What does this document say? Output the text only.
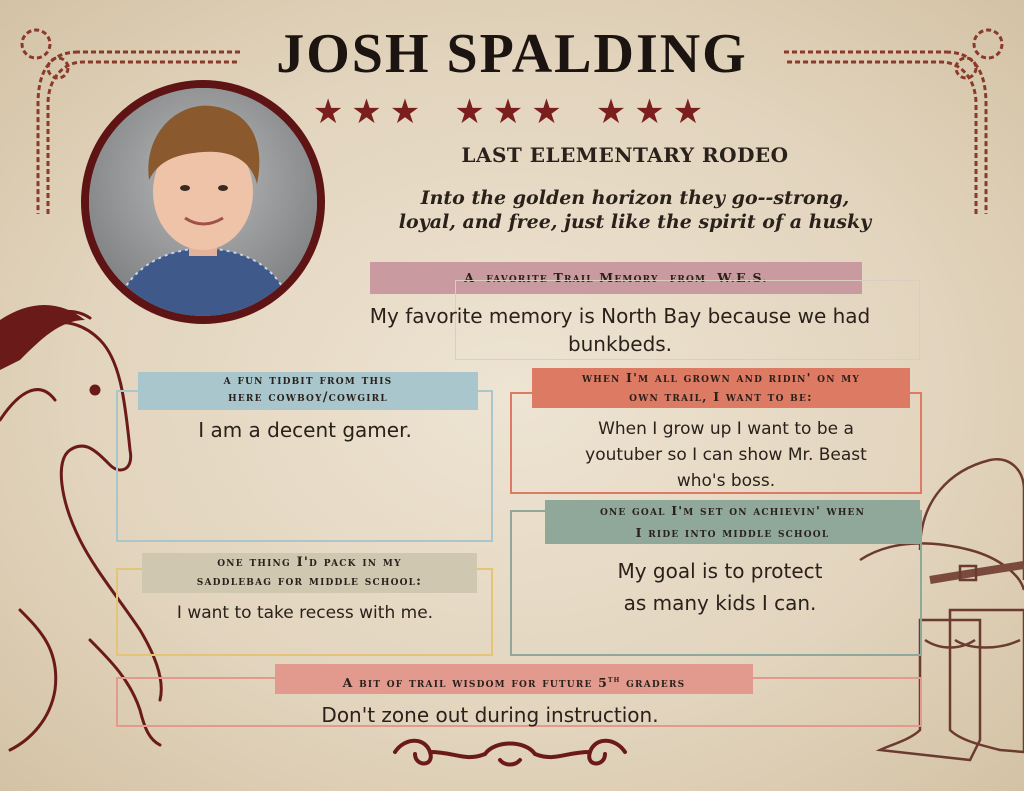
JOSH SPALDING
★★★ ★★★ ★★★
LAST ELEMENTARY RODEO
Into the golden horizon they go--strong,
loyal, and free, just like the spirit of a husky
A favorite Trail Memory from W.E.S.
My favorite memory is North Bay because we had bunkbeds.
a fun tidbit from this
here cowboy/cowgirl
I am a decent gamer.
when I'm all grown and ridin' on my
own trail, I want to be:
When I grow up I want to be a
youtuber so I can show Mr. Beast
who's boss.
one goal I'm set on achievin' when
I ride into middle school
My goal is to protect
as many kids I can.
one thing I'd pack in my
saddlebag for middle school:
I want to take recess with me.
A bit of trail wisdom for future 5th graders
Don't zone out during instruction.
